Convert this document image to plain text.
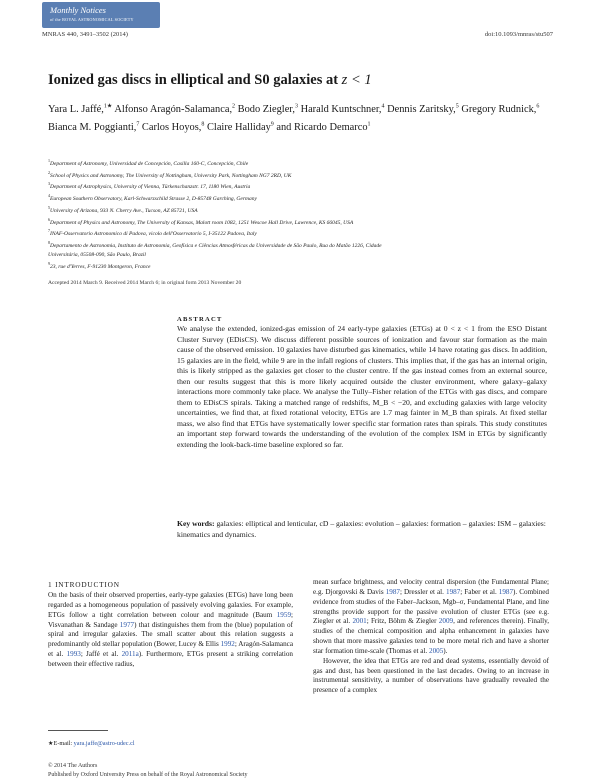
Monthly Notices
of the ROYAL ASTRONOMICAL SOCIETY
MNRAS 440, 3491–3502 (2014)	doi:10.1093/mnras/stu507
Ionized gas discs in elliptical and S0 galaxies at z < 1
Yara L. Jaffé,$^{1★}$ Alfonso Aragón-Salamanca,$^2$ Bodo Ziegler,$^3$ Harald Kuntschner,$^4$ Dennis Zaritsky,$^5$ Gregory Rudnick,$^6$ Bianca M. Poggianti,$^7$ Carlos Hoyos,$^8$ Claire Halliday$^9$ and Ricardo Demarco$^1$
$^1$Department of Astronomy, Universidad de Concepción, Casilla 160-C, Concepción, Chile
$^2$School of Physics and Astronomy, The University of Nottingham, University Park, Nottingham NG7 2RD, UK
$^3$Department of Astrophysics, University of Vienna, Türkenschanzstr. 17, 1180 Wien, Austria
$^4$European Southern Observatory, Karl-Schwarzschild Strasse 2, D-85748 Garching, Germany
$^5$University of Arizona, 933 N. Cherry Ave., Tucson, AZ 85721, USA
$^6$Department of Physics and Astronomy, The University of Kansas, Malott room 1082, 1251 Wescoe Hall Drive, Lawrence, KS 66045, USA
$^7$INAF-Osservatorio Astronomico di Padova, vicolo dell'Osservatorio 5, I-35122 Padova, Italy
$^8$Departamento de Astronomia, Instituto de Astronomia, Geofísica e Ciências Atmosféricas da Universidade de São Paulo, Rua do Matão 1226, Cidade
Universitária, 05508-090, São Paulo, Brazil
$^9$23, rue d'Yerres, F-91230 Montgeron, France
Accepted 2014 March 9. Received 2014 March 6; in original form 2013 November 20
ABSTRACT
We analyse the extended, ionized-gas emission of 24 early-type galaxies (ETGs) at 0 < z < 1 from the ESO Distant Cluster Survey (EDisCS). We discuss different possible sources of ionization and favour star formation as the main cause of the observed emission. 10 galaxies have disturbed gas kinematics, while 14 have rotating gas discs. In addition, 15 galaxies are in the field, while 9 are in the infall regions of clusters. This implies that, if the gas has an internal origin, this is likely stripped as the galaxies get closer to the cluster centre. If the gas instead comes from an external source, then our results suggest that this is more likely acquired outside the cluster environment, where galaxy–galaxy interactions more commonly take place. We analyse the Tully–Fisher relation of the ETGs with gas discs, and compare them to EDisCS spirals. Taking a matched range of redshifts, M_B < −20, and excluding galaxies with large velocity uncertainties, we find that, at fixed rotational velocity, ETGs are 1.7 mag fainter in M_B than spirals. At fixed stellar mass, we also find that ETGs have systematically lower specific star formation rates than spirals. This study constitutes an important step forward towards the understanding of the evolution of the complex ISM in ETGs by significantly extending the look-back-time baseline explored so far.
Key words: galaxies: elliptical and lenticular, cD – galaxies: evolution – galaxies: formation – galaxies: ISM – galaxies: kinematics and dynamics.
1 INTRODUCTION
On the basis of their observed properties, early-type galaxies (ETGs) have long been regarded as a homogeneous population of passively evolving galaxies. For example, ETGs follow a tight correlation between colour and magnitude (Baum 1959; Visvanathan & Sandage 1977) that distinguishes them from the (blue) population of spiral and irregular galaxies. The small scatter about this relation suggests a predominantly old stellar population (Bower, Lucey & Ellis 1992; Aragón-Salamanca et al. 1993; Jaffé et al. 2011a). Furthermore, ETGs present a striking correlation between their effective radius,

mean surface brightness, and velocity central dispersion (the Fundamental Plane; e.g. Djorgovski & Davis 1987; Dressler et al. 1987; Faber et al. 1987). Combined evidence from studies of the Faber–Jackson, Mgb–σ, Fundamental Plane, and line strengths provide support for the passive evolution of cluster ETGs (see e.g. Ziegler et al. 2001; Fritz, Böhm & Ziegler 2009, and references therein). Finally, studies of the chemical composition and alpha enhancement in galaxies have shown that more massive galaxies tend to be more metal rich and have a shorter star formation time-scale (Thomas et al. 2005).

However, the idea that ETGs are red and dead systems, essentially devoid of gas and dust, has been questioned in the last decades. Owing to an increase in instrumental sensitivity, a number of observations have gradually revealed the presence of a complex

★E-mail: yara.jaffe@astro-udec.cl
© 2014 The Authors
Published by Oxford University Press on behalf of the Royal Astronomical Society
